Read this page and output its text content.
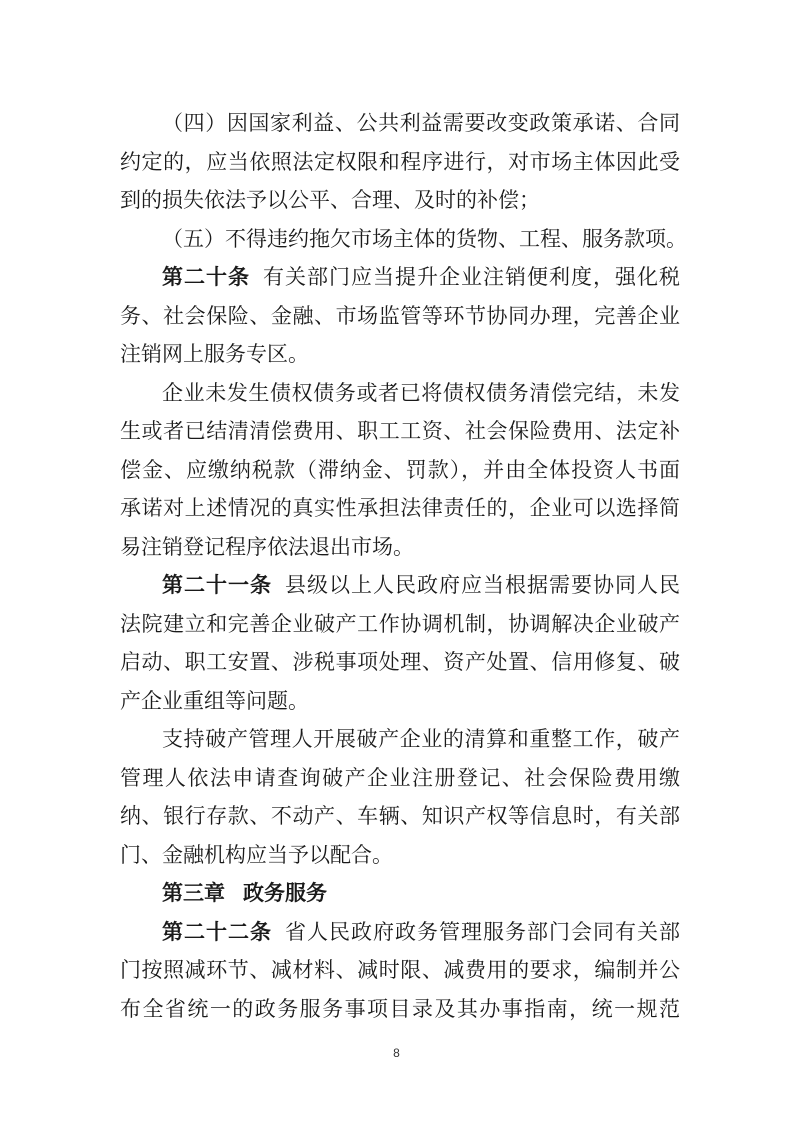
（四）因国家利益、公共利益需要改变政策承诺、合同
约定的，应当依照法定权限和程序进行，对市场主体因此受
到的损失依法予以公平、合理、及时的补偿；
（五）不得违约拖欠市场主体的货物、工程、服务款项。
第二十条 有关部门应当提升企业注销便利度，强化税
务、社会保险、金融、市场监管等环节协同办理，完善企业
注销网上服务专区。
企业未发生债权债务或者已将债权债务清偿完结，未发
生或者已结清清偿费用、职工工资、社会保险费用、法定补
偿金、应缴纳税款（滞纳金、罚款），并由全体投资人书面
承诺对上述情况的真实性承担法律责任的，企业可以选择简
易注销登记程序依法退出市场。
第二十一条 县级以上人民政府应当根据需要协同人民
法院建立和完善企业破产工作协调机制，协调解决企业破产
启动、职工安置、涉税事项处理、资产处置、信用修复、破
产企业重组等问题。
支持破产管理人开展破产企业的清算和重整工作，破产
管理人依法申请查询破产企业注册登记、社会保险费用缴
纳、银行存款、不动产、车辆、知识产权等信息时，有关部
门、金融机构应当予以配合。
第三章 政务服务
第二十二条 省人民政府政务管理服务部门会同有关部
门按照减环节、减材料、减时限、减费用的要求，编制并公
布全省统一的政务服务事项目录及其办事指南，统一规范
8
